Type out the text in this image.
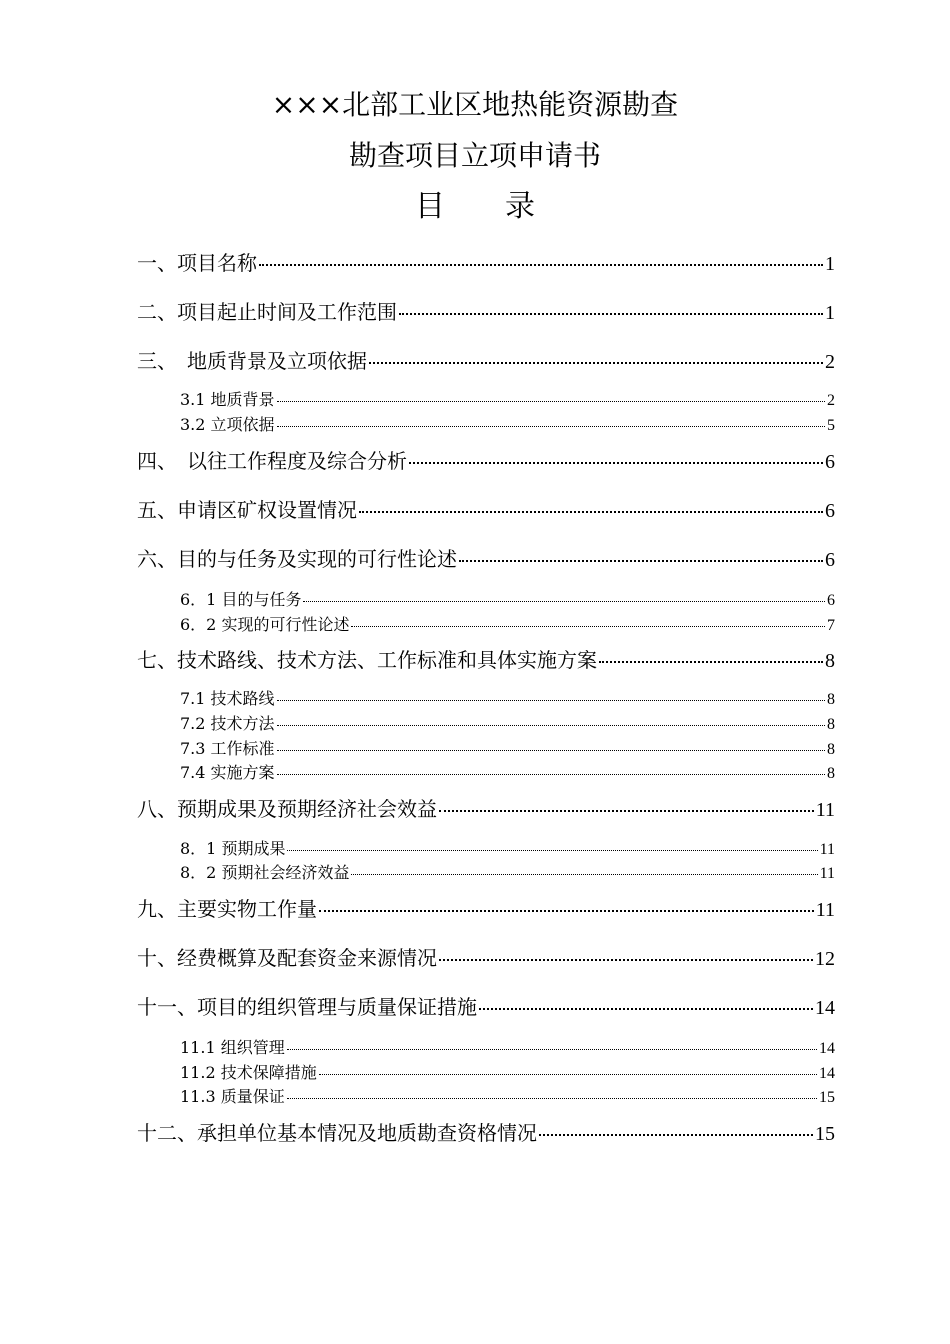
×××北部工业区地热能资源勘查
勘查项目立项申请书
目　　录
一、项目名称	1
二、项目起止时间及工作范围	1
三、　地质背景及立项依据	2
3.1 地质背景	2
3.2 立项依据	5
四、　以往工作程度及综合分析	6
五、申请区矿权设置情况	6
六、目的与任务及实现的可行性论述	6
6．1 目的与任务	6
6．2 实现的可行性论述	7
七、技术路线、技术方法、工作标准和具体实施方案	8
7.1 技术路线	8
7.2 技术方法	8
7.3 工作标准	8
7.4 实施方案	8
八、预期成果及预期经济社会效益	11
8．1 预期成果	11
8．2 预期社会经济效益	11
九、主要实物工作量	11
十、经费概算及配套资金来源情况	12
十一、项目的组织管理与质量保证措施	14
11.1 组织管理	14
11.2 技术保障措施	14
11.3 质量保证	15
十二、承担单位基本情况及地质勘查资格情况	15
